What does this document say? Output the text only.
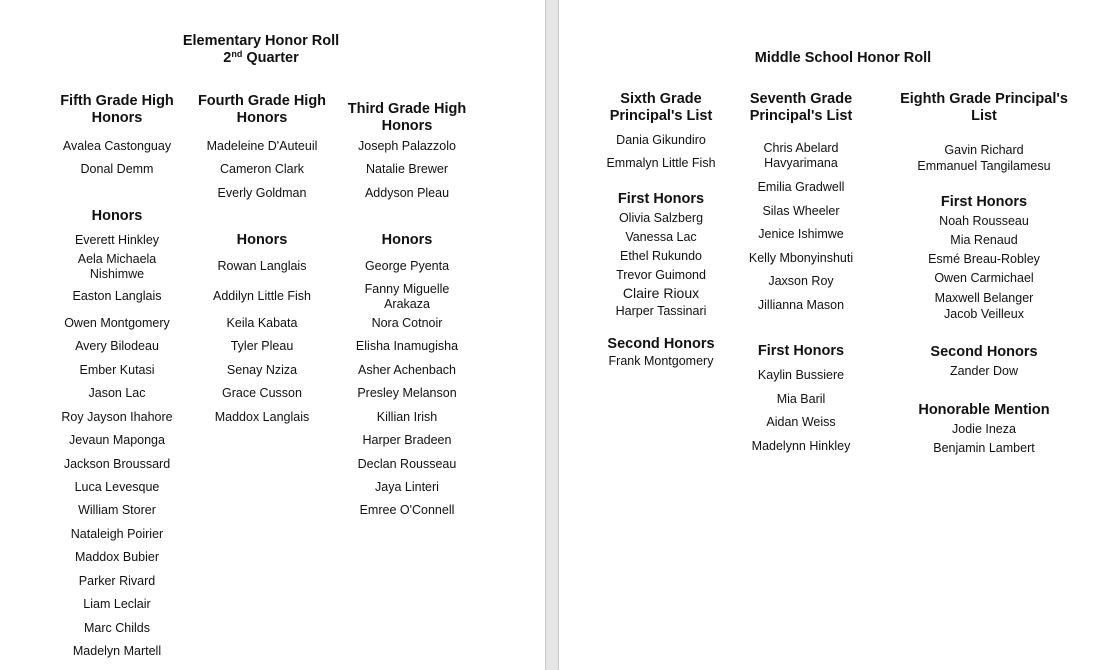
Elementary Honor Roll
2nd Quarter
Fifth Grade High Honors
Avalea Castonguay
Donal Demm
Honors
Everett Hinkley
Aela Michaela Nishimwe
Easton Langlais
Owen Montgomery
Avery Bilodeau
Ember Kutasi
Jason Lac
Roy Jayson Ihahore
Jevaun Maponga
Jackson Broussard
Luca Levesque
William Storer
Nataleigh Poirier
Maddox Bubier
Parker Rivard
Liam Leclair
Marc Childs
Madelyn Martell
Fourth Grade High Honors
Madeleine D'Auteuil
Cameron Clark
Everly Goldman
Honors
Rowan Langlais
Addilyn Little Fish
Keila Kabata
Tyler Pleau
Senay Nziza
Grace Cusson
Maddox Langlais
Third Grade High Honors
Joseph Palazzolo
Natalie Brewer
Addyson Pleau
Honors
George Pyenta
Fanny Miguelle Arakaza
Nora Cotnoir
Elisha Inamugisha
Asher Achenbach
Presley Melanson
Killian Irish
Harper Bradeen
Declan Rousseau
Jaya Linteri
Emree O'Connell
Middle School Honor Roll
Sixth Grade Principal's List
Dania Gikundiro
Emmalyn Little Fish
First Honors
Olivia Salzberg
Vanessa Lac
Ethel Rukundo
Trevor Guimond
Claire Rioux
Harper Tassinari
Second Honors
Frank Montgomery
Seventh Grade Principal's List
Chris Abelard Havyarimana
Emilia Gradwell
Silas Wheeler
Jenice Ishimwe
Kelly Mbonyinshuti
Jaxson Roy
Jillianna Mason
First Honors
Kaylin Bussiere
Mia Baril
Aidan Weiss
Madelynn Hinkley
Eighth Grade Principal's List
Gavin Richard
Emmanuel Tangilamesu
First Honors
Noah Rousseau
Mia Renaud
Esmé Breau-Robley
Owen Carmichael
Maxwell Belanger
Jacob Veilleux
Second Honors
Zander Dow
Honorable Mention
Jodie Ineza
Benjamin Lambert
